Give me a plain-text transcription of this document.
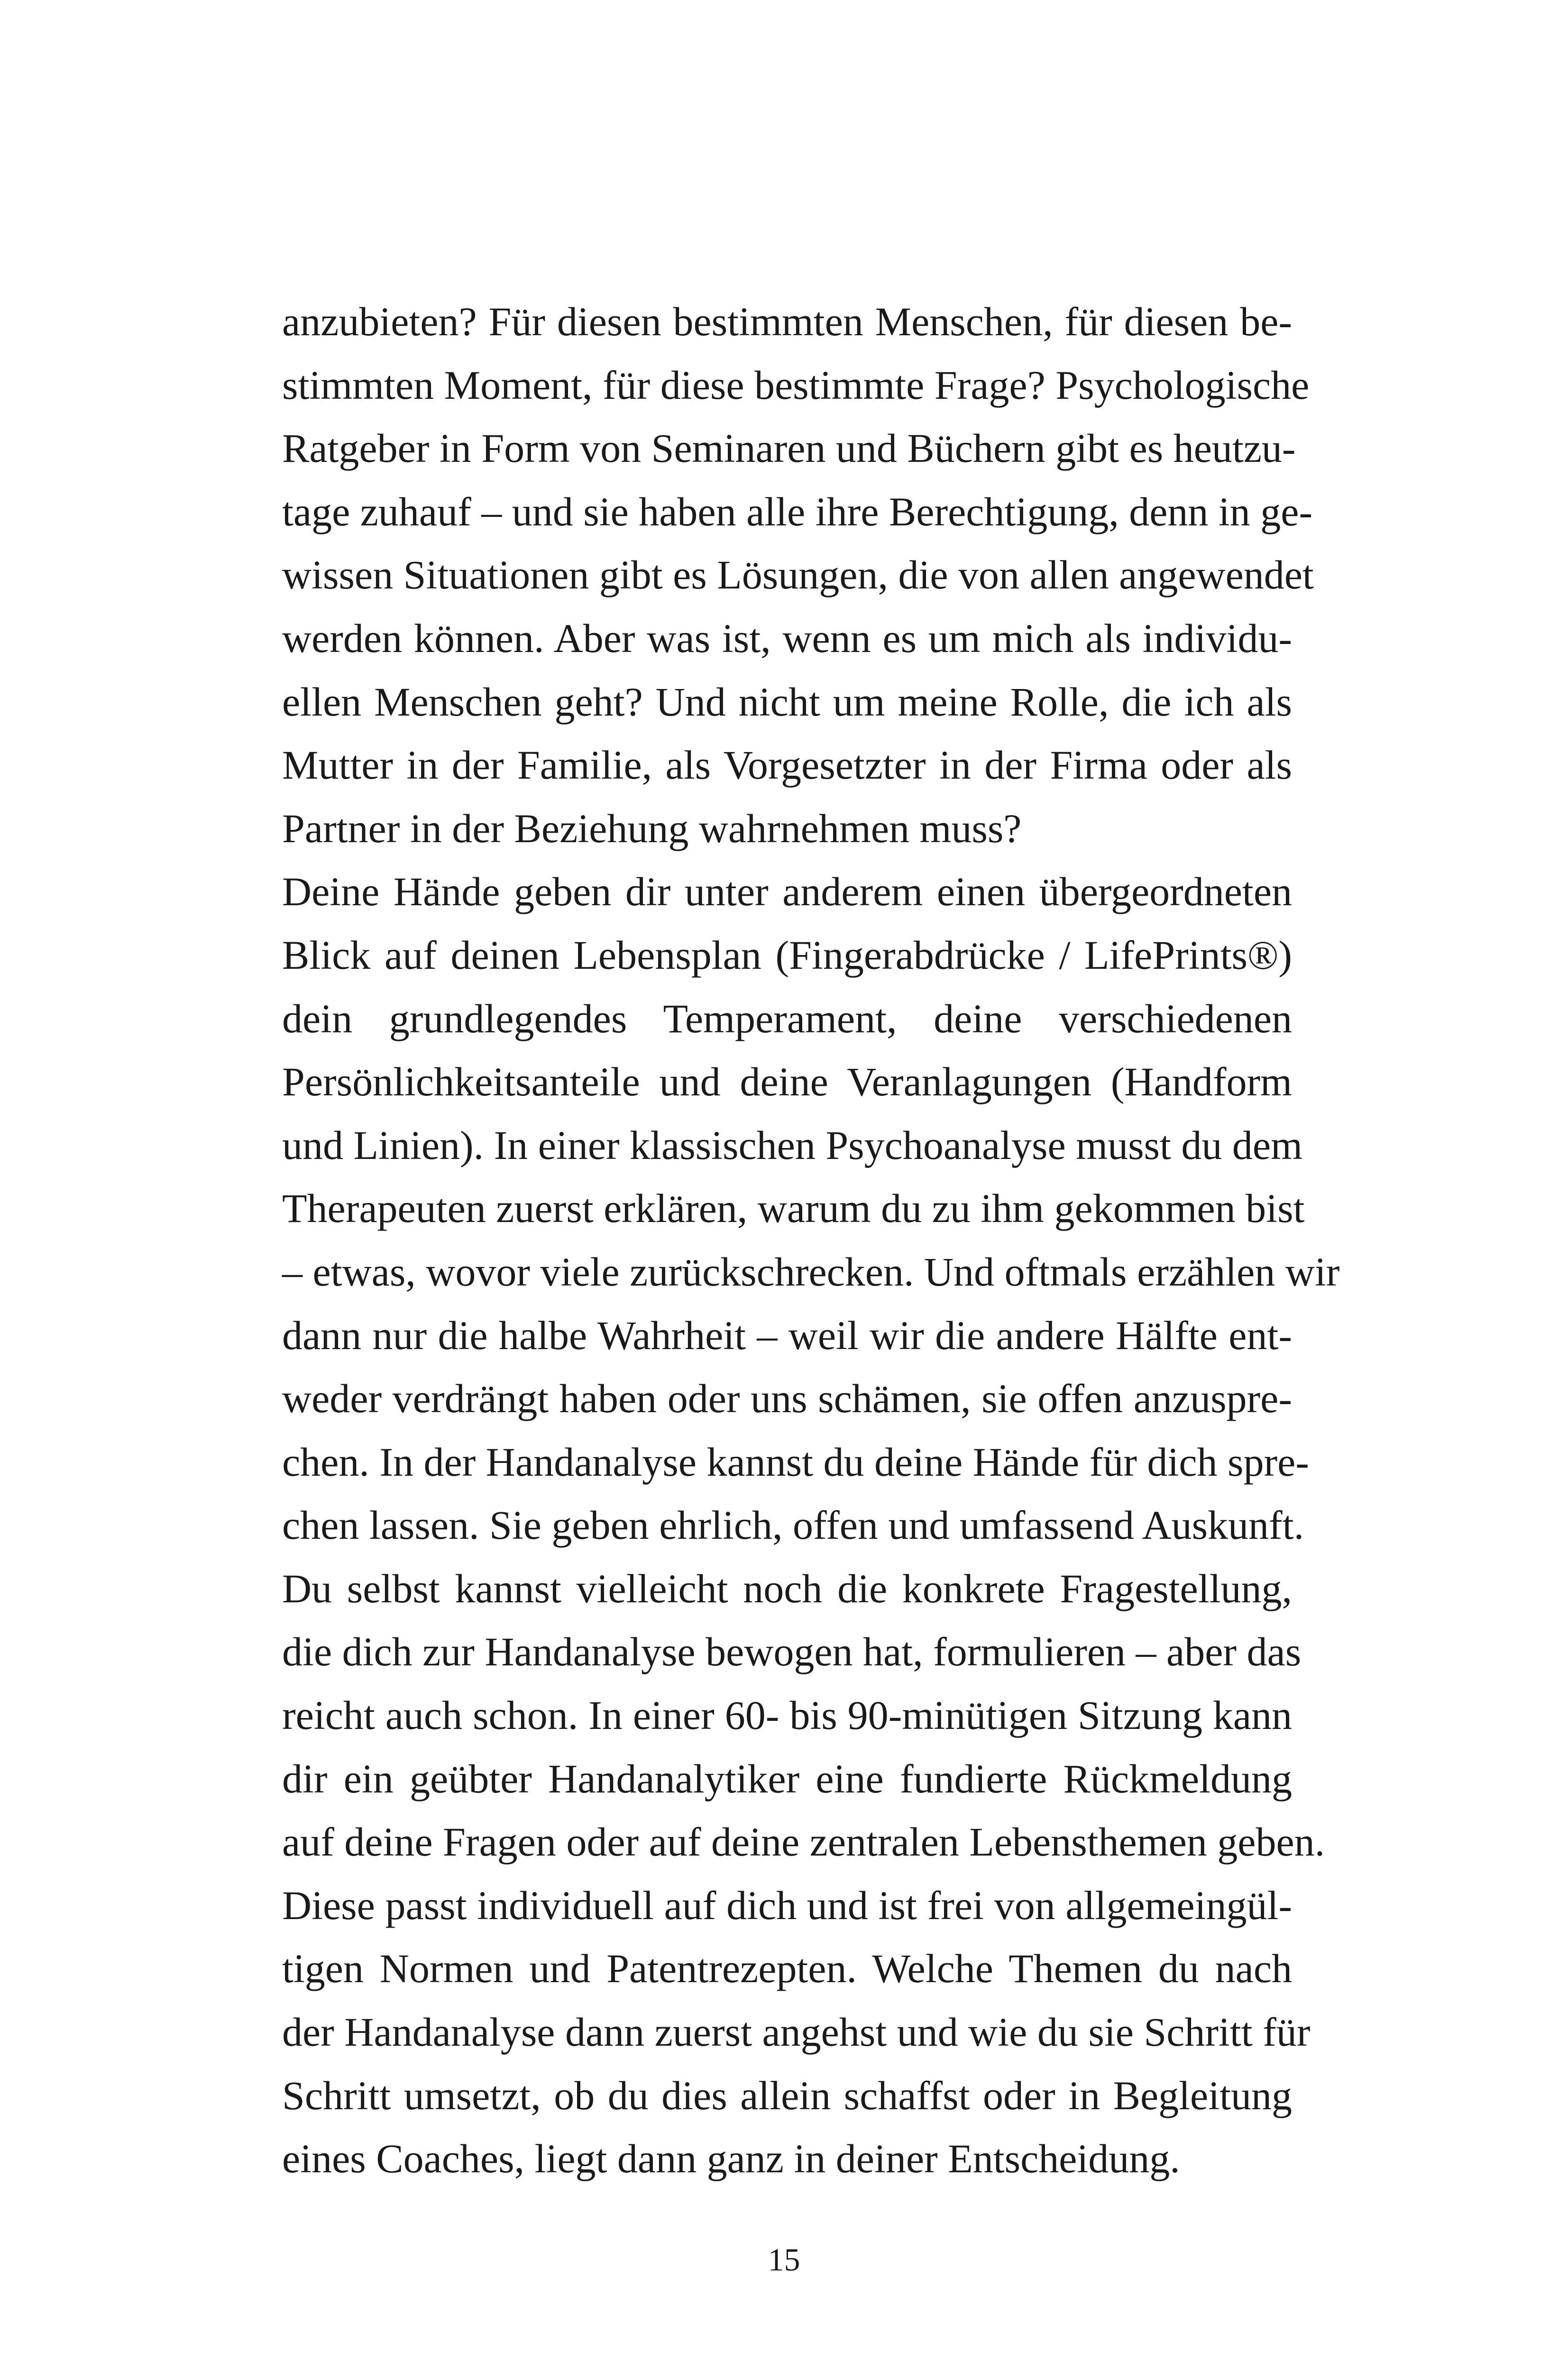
anzubieten? Für diesen bestimmten Menschen, für diesen be-
stimmten Moment, für diese bestimmte Frage? Psychologische
Ratgeber in Form von Seminaren und Büchern gibt es heutzu-
tage zuhauf – und sie haben alle ihre Berechtigung, denn in ge-
wissen Situationen gibt es Lösungen, die von allen angewendet
werden können. Aber was ist, wenn es um mich als individu-
ellen Menschen geht? Und nicht um meine Rolle, die ich als
Mutter in der Familie, als Vorgesetzter in der Firma oder als
Partner in der Beziehung wahrnehmen muss?
Deine Hände geben dir unter anderem einen übergeordneten
Blick auf deinen Lebensplan (Fingerabdrücke / LifePrints®)
dein grundlegendes Temperament, deine verschiedenen
Persönlichkeitsanteile und deine Veranlagungen (Handform
und Linien). In einer klassischen Psychoanalyse musst du dem
Therapeuten zuerst erklären, warum du zu ihm gekommen bist
– etwas, wovor viele zurückschrecken. Und oftmals erzählen wir
dann nur die halbe Wahrheit – weil wir die andere Hälfte ent-
weder verdrängt haben oder uns schämen, sie offen anzuspre-
chen. In der Handanalyse kannst du deine Hände für dich spre-
chen lassen. Sie geben ehrlich, offen und umfassend Auskunft.
Du selbst kannst vielleicht noch die konkrete Fragestellung,
die dich zur Handanalyse bewogen hat, formulieren – aber das
reicht auch schon. In einer 60- bis 90-minütigen Sitzung kann
dir ein geübter Handanalytiker eine fundierte Rückmeldung
auf deine Fragen oder auf deine zentralen Lebensthemen geben.
Diese passt individuell auf dich und ist frei von allgemeingül-
tigen Normen und Patentrezepten. Welche Themen du nach
der Handanalyse dann zuerst angehst und wie du sie Schritt für
Schritt umsetzt, ob du dies allein schaffst oder in Begleitung
eines Coaches, liegt dann ganz in deiner Entscheidung.
15
